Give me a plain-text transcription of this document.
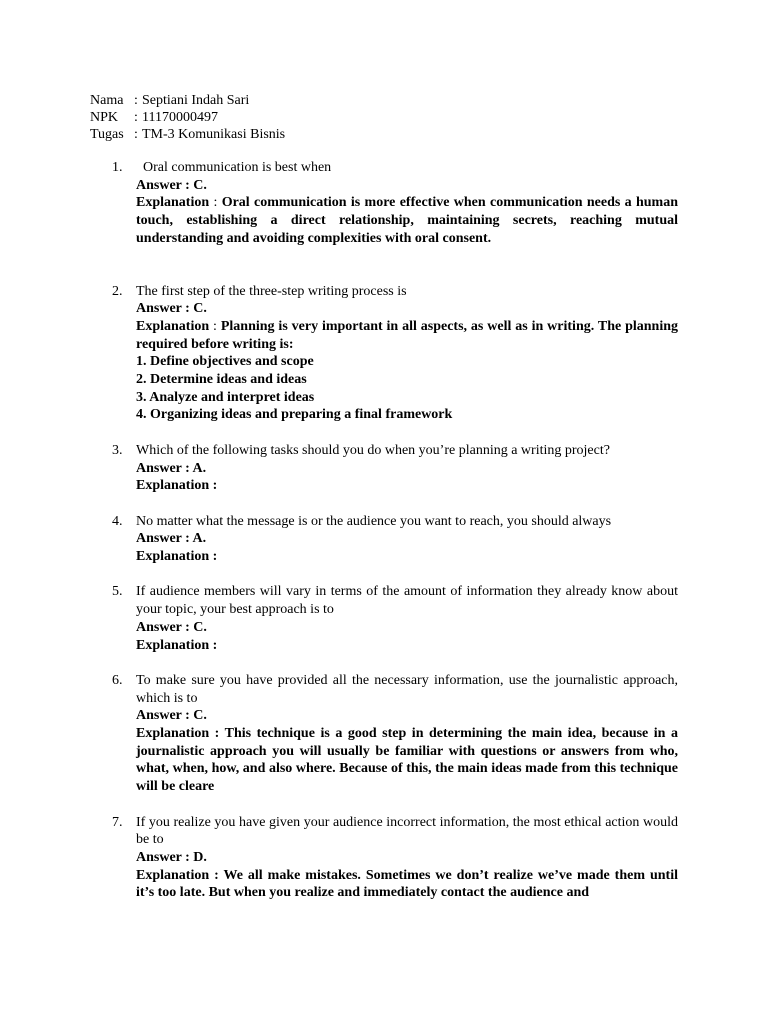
Nama : Septiani Indah Sari
NPK	: 11170000497
Tugas : TM-3 Komunikasi Bisnis
1.	Oral communication is best when
Answer : C.
Explanation : Oral communication is more effective when communication needs a human touch, establishing a direct relationship, maintaining secrets, reaching mutual understanding and avoiding complexities with oral consent.
2. The first step of the three-step writing process is
Answer : C.
Explanation : Planning is very important in all aspects, as well as in writing. The planning required before writing is:
1. Define objectives and scope
2. Determine ideas and ideas
3. Analyze and interpret ideas
4. Organizing ideas and preparing a final framework
3. Which of the following tasks should you do when you’re planning a writing project?
Answer : A.
Explanation :
4. No matter what the message is or the audience you want to reach, you should always
Answer : A.
Explanation :
5. If audience members will vary in terms of the amount of information they already know about your topic, your best approach is to
Answer : C.
Explanation :
6. To make sure you have provided all the necessary information, use the journalistic approach, which is to
Answer : C.
Explanation : This technique is a good step in determining the main idea, because in a journalistic approach you will usually be familiar with questions or answers from who, what, when, how, and also where. Because of this, the main ideas made from this technique will be cleare
7. If you realize you have given your audience incorrect information, the most ethical action would be to
Answer : D.
Explanation : We all make mistakes. Sometimes we don’t realize we’ve made them until it’s too late. But when you realize and immediately contact the audience and
